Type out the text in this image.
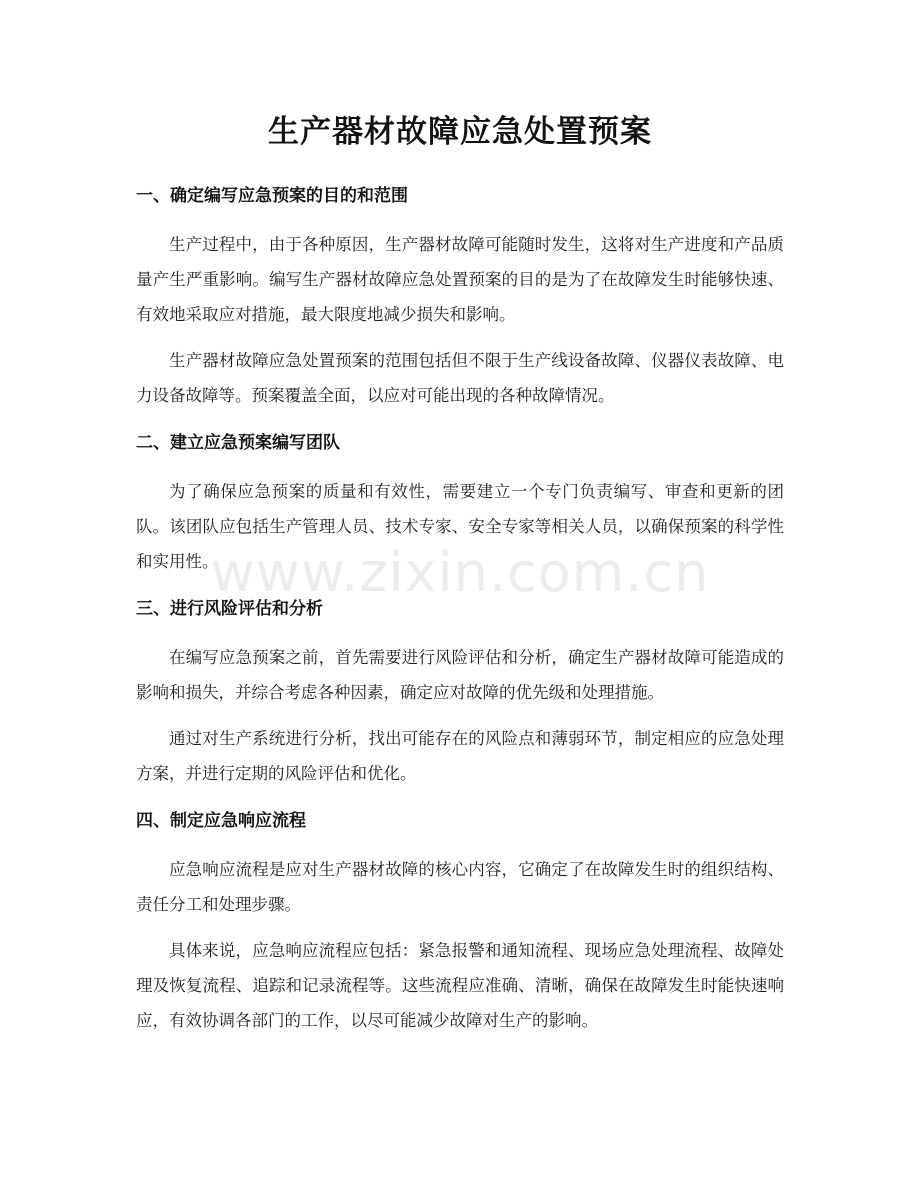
生产器材故障应急处置预案
一、确定编写应急预案的目的和范围

生产过程中，由于各种原因，生产器材故障可能随时发生，这将对生产进度和产品质量产生严重影响。编写生产器材故障应急处置预案的目的是为了在故障发生时能够快速、有效地采取应对措施，最大限度地减少损失和影响。

生产器材故障应急处置预案的范围包括但不限于生产线设备故障、仪器仪表故障、电力设备故障等。预案覆盖全面，以应对可能出现的各种故障情况。

二、建立应急预案编写团队

为了确保应急预案的质量和有效性，需要建立一个专门负责编写、审查和更新的团队。该团队应包括生产管理人员、技术专家、安全专家等相关人员，以确保预案的科学性和实用性。

三、进行风险评估和分析

在编写应急预案之前，首先需要进行风险评估和分析，确定生产器材故障可能造成的影响和损失，并综合考虑各种因素，确定应对故障的优先级和处理措施。

通过对生产系统进行分析，找出可能存在的风险点和薄弱环节，制定相应的应急处理方案，并进行定期的风险评估和优化。

四、制定应急响应流程

应急响应流程是应对生产器材故障的核心内容，它确定了在故障发生时的组织结构、责任分工和处理步骤。

具体来说，应急响应流程应包括：紧急报警和通知流程、现场应急处理流程、故障处理及恢复流程、追踪和记录流程等。这些流程应准确、清晰，确保在故障发生时能快速响应，有效协调各部门的工作，以尽可能减少故障对生产的影响。

www.zixin.com.cn
